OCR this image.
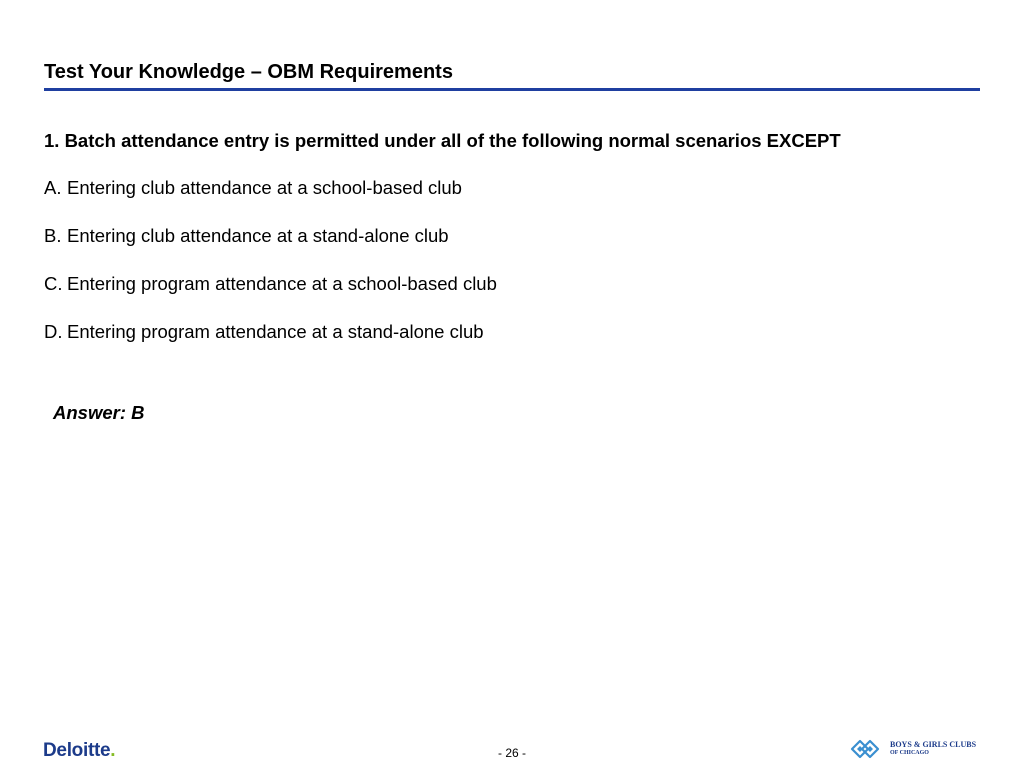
Test Your Knowledge – OBM Requirements
1. Batch attendance entry is permitted under all of the following normal scenarios EXCEPT
A. Entering club attendance at a school-based club
B. Entering club attendance at a stand-alone club
C. Entering program attendance at a school-based club
D. Entering program attendance at a stand-alone club
Answer: B
Deloitte.	- 26 -
BOYS & GIRLS CLUBS
OF CHICAGO
